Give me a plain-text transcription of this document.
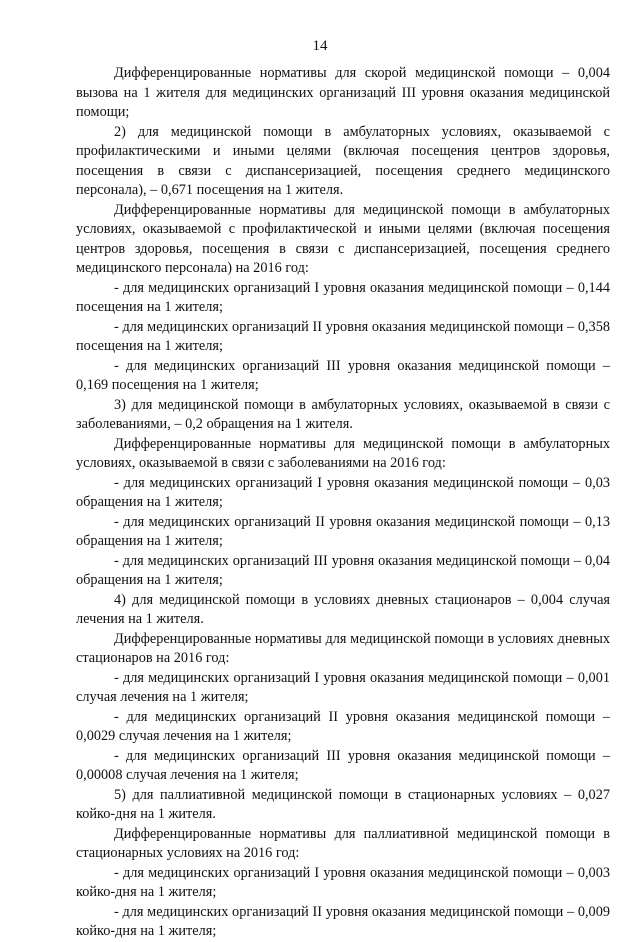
14

Дифференцированные нормативы для скорой медицинской помощи – 0,004 вызова на 1 жителя для медицинских организаций III уровня оказания медицинской помощи;

2) для медицинской помощи в амбулаторных условиях, оказываемой с профилактическими и иными целями (включая посещения центров здоровья, посещения в связи с диспансеризацией, посещения среднего медицинского персонала), – 0,671 посещения на 1 жителя.

Дифференцированные нормативы для медицинской помощи в амбулаторных условиях, оказываемой с профилактической и иными целями (включая посещения центров здоровья, посещения в связи с диспансеризацией, посещения среднего медицинского персонала) на 2016 год:

- для медицинских организаций I уровня оказания медицинской помощи – 0,144 посещения на 1 жителя;

- для медицинских организаций II уровня оказания медицинской помощи – 0,358 посещения на 1 жителя;

- для медицинских организаций III уровня оказания медицинской помощи – 0,169 посещения на 1 жителя;

3) для медицинской помощи в амбулаторных условиях, оказываемой в связи с заболеваниями, – 0,2 обращения на 1 жителя.

Дифференцированные нормативы для медицинской помощи в амбулаторных условиях, оказываемой в связи с заболеваниями на 2016 год:

- для медицинских организаций I уровня оказания медицинской помощи – 0,03 обращения на 1 жителя;

- для медицинских организаций II уровня оказания медицинской помощи – 0,13 обращения на 1 жителя;

- для медицинских организаций III уровня оказания медицинской помощи – 0,04 обращения на 1 жителя;

4) для медицинской помощи в условиях дневных стационаров – 0,004 случая лечения на 1 жителя.

Дифференцированные нормативы для медицинской помощи в условиях дневных стационаров на 2016 год:

- для медицинских организаций I уровня оказания медицинской помощи – 0,001 случая лечения на 1 жителя;

- для медицинских организаций II уровня оказания медицинской помощи – 0,0029 случая лечения на 1 жителя;

- для медицинских организаций III уровня оказания медицинской помощи – 0,00008 случая лечения на 1 жителя;

5) для паллиативной медицинской помощи в стационарных условиях – 0,027 койко-дня на 1 жителя.

Дифференцированные нормативы для паллиативной медицинской помощи в стационарных условиях на 2016 год:

- для медицинских организаций I уровня оказания медицинской помощи – 0,003 койко-дня на 1 жителя;

- для медицинских организаций II уровня оказания медицинской помощи – 0,009 койко-дня на 1 жителя;
